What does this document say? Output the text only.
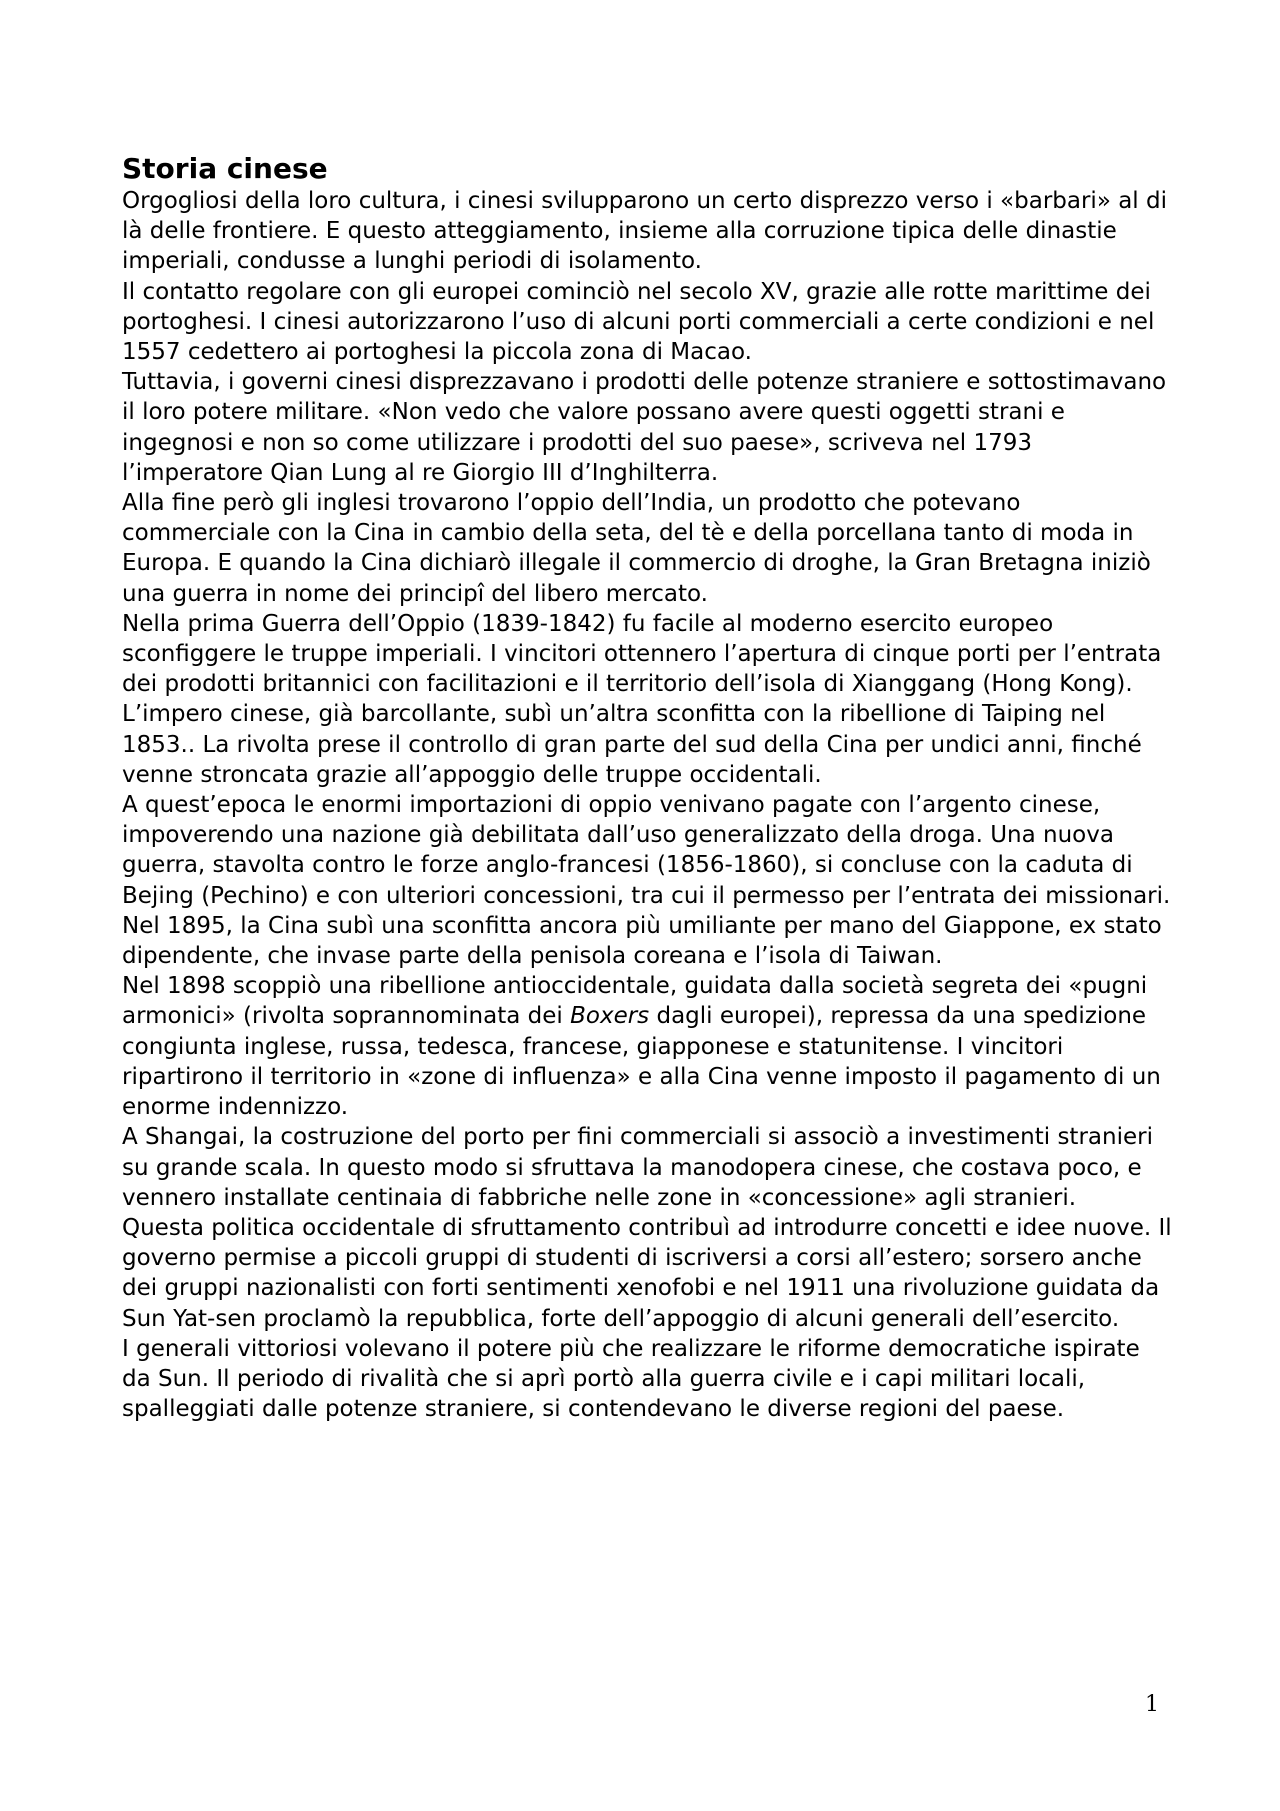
Storia cinese

Orgogliosi della loro cultura, i cinesi svilupparono un certo disprezzo verso i «barbari» al di là delle frontiere. E questo atteggiamento, insieme alla corruzione tipica delle dinastie imperiali, condusse a lunghi periodi di isolamento.

Il contatto regolare con gli europei cominciò nel secolo XV, grazie alle rotte marittime dei portoghesi. I cinesi autorizzarono l’uso di alcuni porti commerciali a certe condizioni e nel 1557 cedettero ai portoghesi la piccola zona di Macao.

Tuttavia, i governi cinesi disprezzavano i prodotti delle potenze straniere e sottostimavano il loro potere militare. «Non vedo che valore possano avere questi oggetti strani e ingegnosi e non so come utilizzare i prodotti del suo paese», scriveva nel 1793 l’imperatore Qian Lung al re Giorgio III d’Inghilterra.

Alla fine però gli inglesi trovarono l’oppio dell’India, un prodotto che potevano commerciale con la Cina in cambio della seta, del tè e della porcellana tanto di moda in Europa. E quando la Cina dichiarò illegale il commercio di droghe, la Gran Bretagna iniziò una guerra in nome dei principî del libero mercato.

Nella prima Guerra dell’Oppio (1839-1842) fu facile al moderno esercito europeo sconfiggere le truppe imperiali. I vincitori ottennero l’apertura di cinque porti per l’entrata dei prodotti britannici con facilitazioni e il territorio dell’isola di Xianggang (Hong Kong).

L’impero cinese, già barcollante, subì un’altra sconfitta con la ribellione di Taiping nel 1853.. La rivolta prese il controllo di gran parte del sud della Cina per undici anni, finché venne stroncata grazie all’appoggio delle truppe occidentali.

A quest’epoca le enormi importazioni di oppio venivano pagate con l’argento cinese, impoverendo una nazione già debilitata dall’uso generalizzato della droga. Una nuova guerra, stavolta contro le forze anglo-francesi (1856-1860), si concluse con la caduta di Bejing (Pechino) e con ulteriori concessioni, tra cui il permesso per l’entrata dei missionari.

Nel 1895, la Cina subì una sconfitta ancora più umiliante per mano del Giappone, ex stato dipendente, che invase parte della penisola coreana e l’isola di Taiwan.

Nel 1898 scoppiò una ribellione antioccidentale, guidata dalla società segreta dei «pugni armonici» (rivolta soprannominata dei Boxers dagli europei), repressa da una spedizione congiunta inglese, russa, tedesca, francese, giapponese e statunitense. I vincitori ripartirono il territorio in «zone di influenza» e alla Cina venne imposto il pagamento di un enorme indennizzo.

A Shangai, la costruzione del porto per fini commerciali si associò a investimenti stranieri su grande scala. In questo modo si sfruttava la manodopera cinese, che costava poco, e vennero installate centinaia di fabbriche nelle zone in «concessione» agli stranieri.

Questa politica occidentale di sfruttamento contribuì ad introdurre concetti e idee nuove. Il governo permise a piccoli gruppi di studenti di iscriversi a corsi all’estero; sorsero anche dei gruppi nazionalisti con forti sentimenti xenofobi e nel 1911 una rivoluzione guidata da Sun Yat-sen proclamò la repubblica, forte dell’appoggio di alcuni generali dell’esercito.

I generali vittoriosi volevano il potere più che realizzare le riforme democratiche ispirate da Sun. Il periodo di rivalità che si aprì portò alla guerra civile e i capi militari locali, spalleggiati dalle potenze straniere, si contendevano le diverse regioni del paese.

1
